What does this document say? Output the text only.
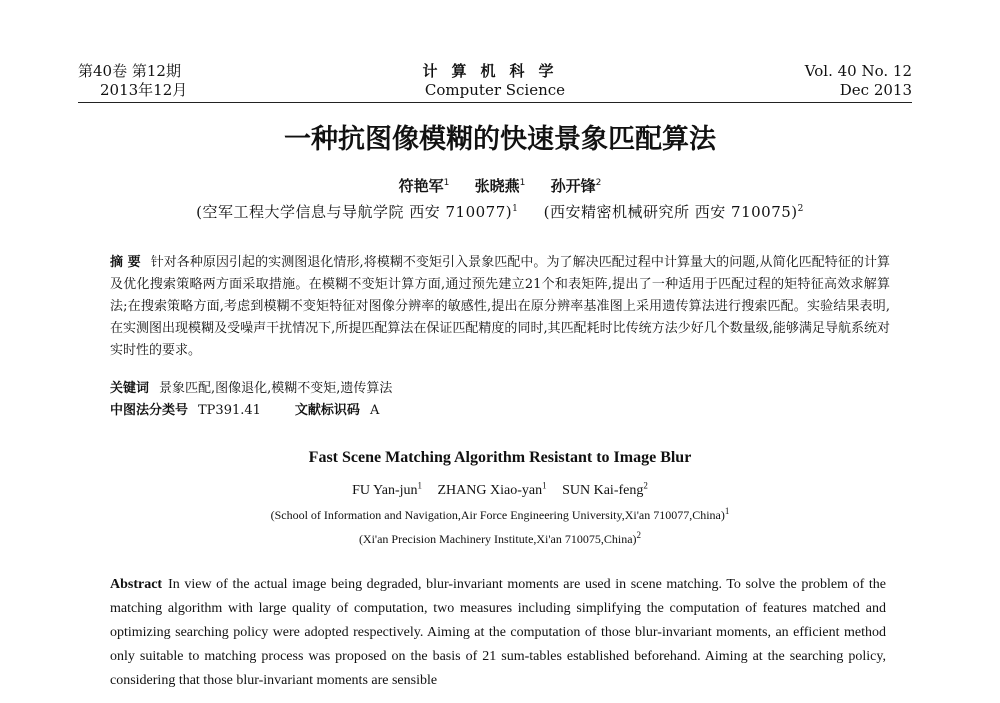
第40卷 第12期
2013年12月
计算机科学
Computer Science
Vol. 40 No. 12
Dec 2013
一种抗图像模糊的快速景象匹配算法
符艳军$^1$ 张晓燕$^1$ 孙开锋$^2$
(空军工程大学信息与导航学院 西安 710077)$^1$ (西安精密机械研究所 西安 710075)$^2$
摘 要 针对各种原因引起的实测图退化情形,将模糊不变矩引入景象匹配中。为了解决匹配过程中计算量大的问题,从简化匹配特征的计算及优化搜索策略两方面采取措施。在模糊不变矩计算方面,通过预先建立21个和表矩阵,提出了一种适用于匹配过程的矩特征高效求解算法;在搜索策略方面,考虑到模糊不变矩特征对图像分辨率的敏感性,提出在原分辨率基准图上采用遗传算法进行搜索匹配。实验结果表明,在实测图出现模糊及受噪声干扰情况下,所提匹配算法在保证匹配精度的同时,其匹配耗时比传统方法少好几个数量级,能够满足导航系统对实时性的要求。
关键词 景象匹配,图像退化,模糊不变矩,遗传算法
中图法分类号 TP391.41	文献标识码 A
Fast Scene Matching Algorithm Resistant to Image Blur
FU Yan-jun$^1$ ZHANG Xiao-yan$^1$ SUN Kai-feng$^2$
(School of Information and Navigation,Air Force Engineering University,Xi'an 710077,China)$^1$
(Xi'an Precision Machinery Institute,Xi'an 710075,China)$^2$
Abstract In view of the actual image being degraded, blur-invariant moments are used in scene matching. To solve the problem of the matching algorithm with large quality of computation, two measures including simplifying the computation of features matched and optimizing searching policy were adopted respectively. Aiming at the computation of those blur-invariant moments, an efficient method only suitable to matching process was proposed on the basis of 21 sum-tables established beforehand. Aiming at the searching policy, considering that those blur-invariant moments are sensible
